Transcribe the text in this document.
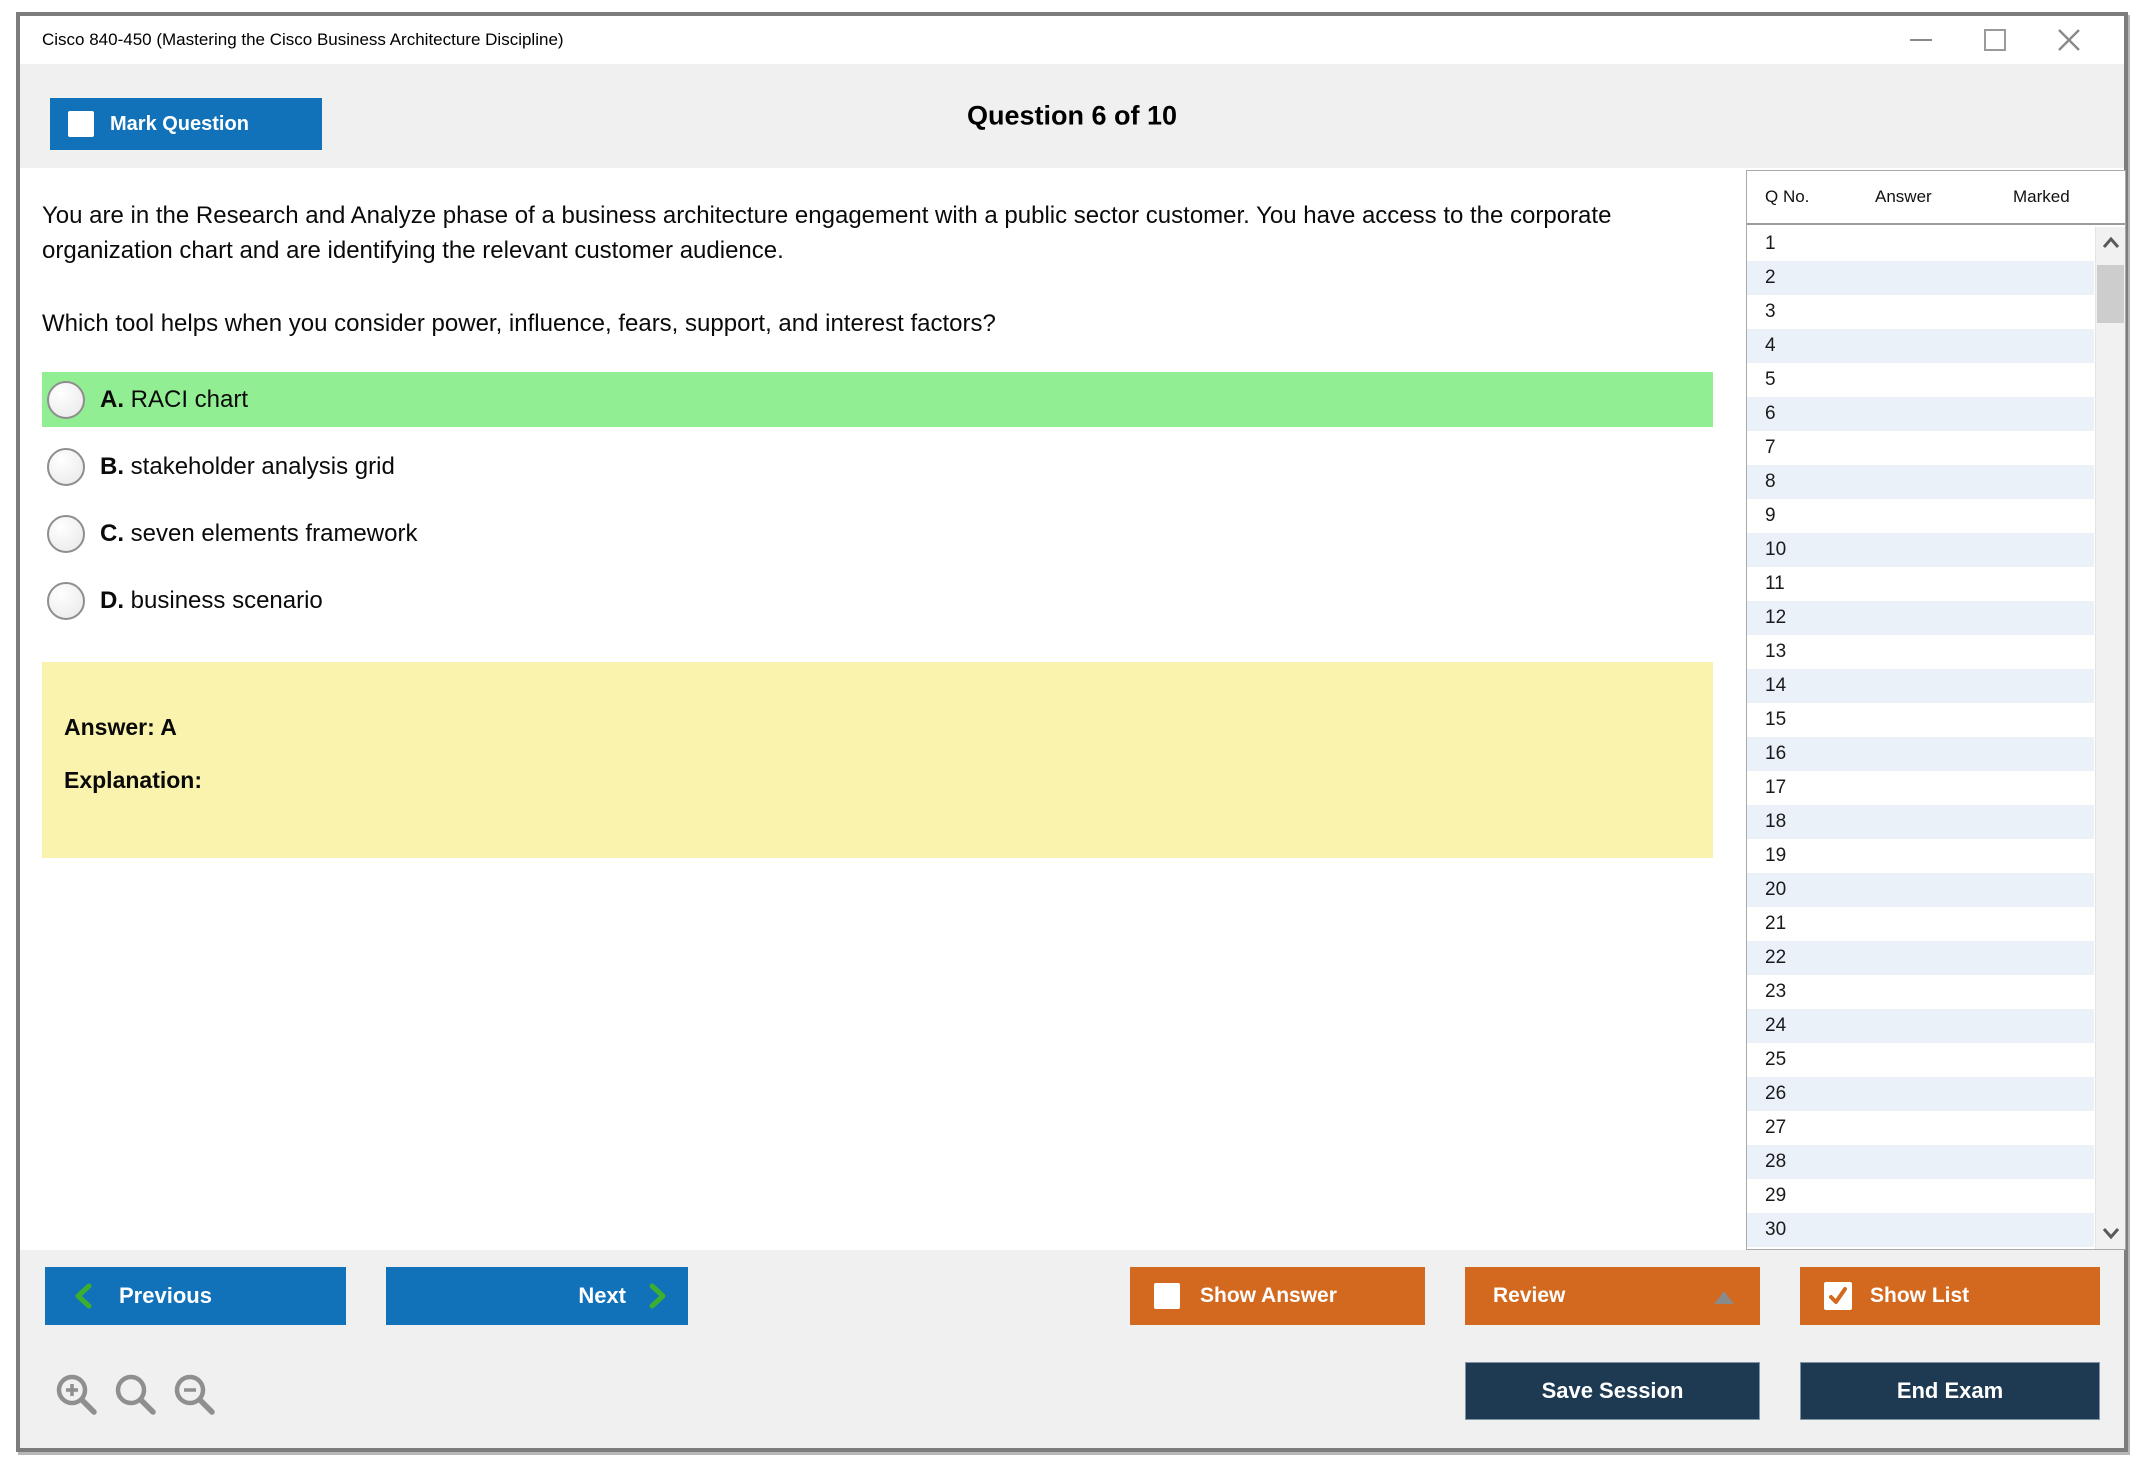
Cisco 840-450 (Mastering the Cisco Business Architecture Discipline)
Mark Question	Question 6 of 10

You are in the Research and Analyze phase of a business architecture engagement with a public sector customer. You have access to the corporate organization chart and are identifying the relevant customer audience.

Which tool helps when you consider power, influence, fears, support, and interest factors?

A. RACI chart
B. stakeholder analysis grid
C. seven elements framework
D. business scenario

Answer: A

Explanation:

Q No.	Answer	Marked
1
2
3
4
5
6
7
8
9
10
11
12
13
14
15
16
17
18
19
20
21
22
23
24
25
26
27
28
29
30
Previous	Next	Show Answer	Review	Show List
Save Session	End Exam
